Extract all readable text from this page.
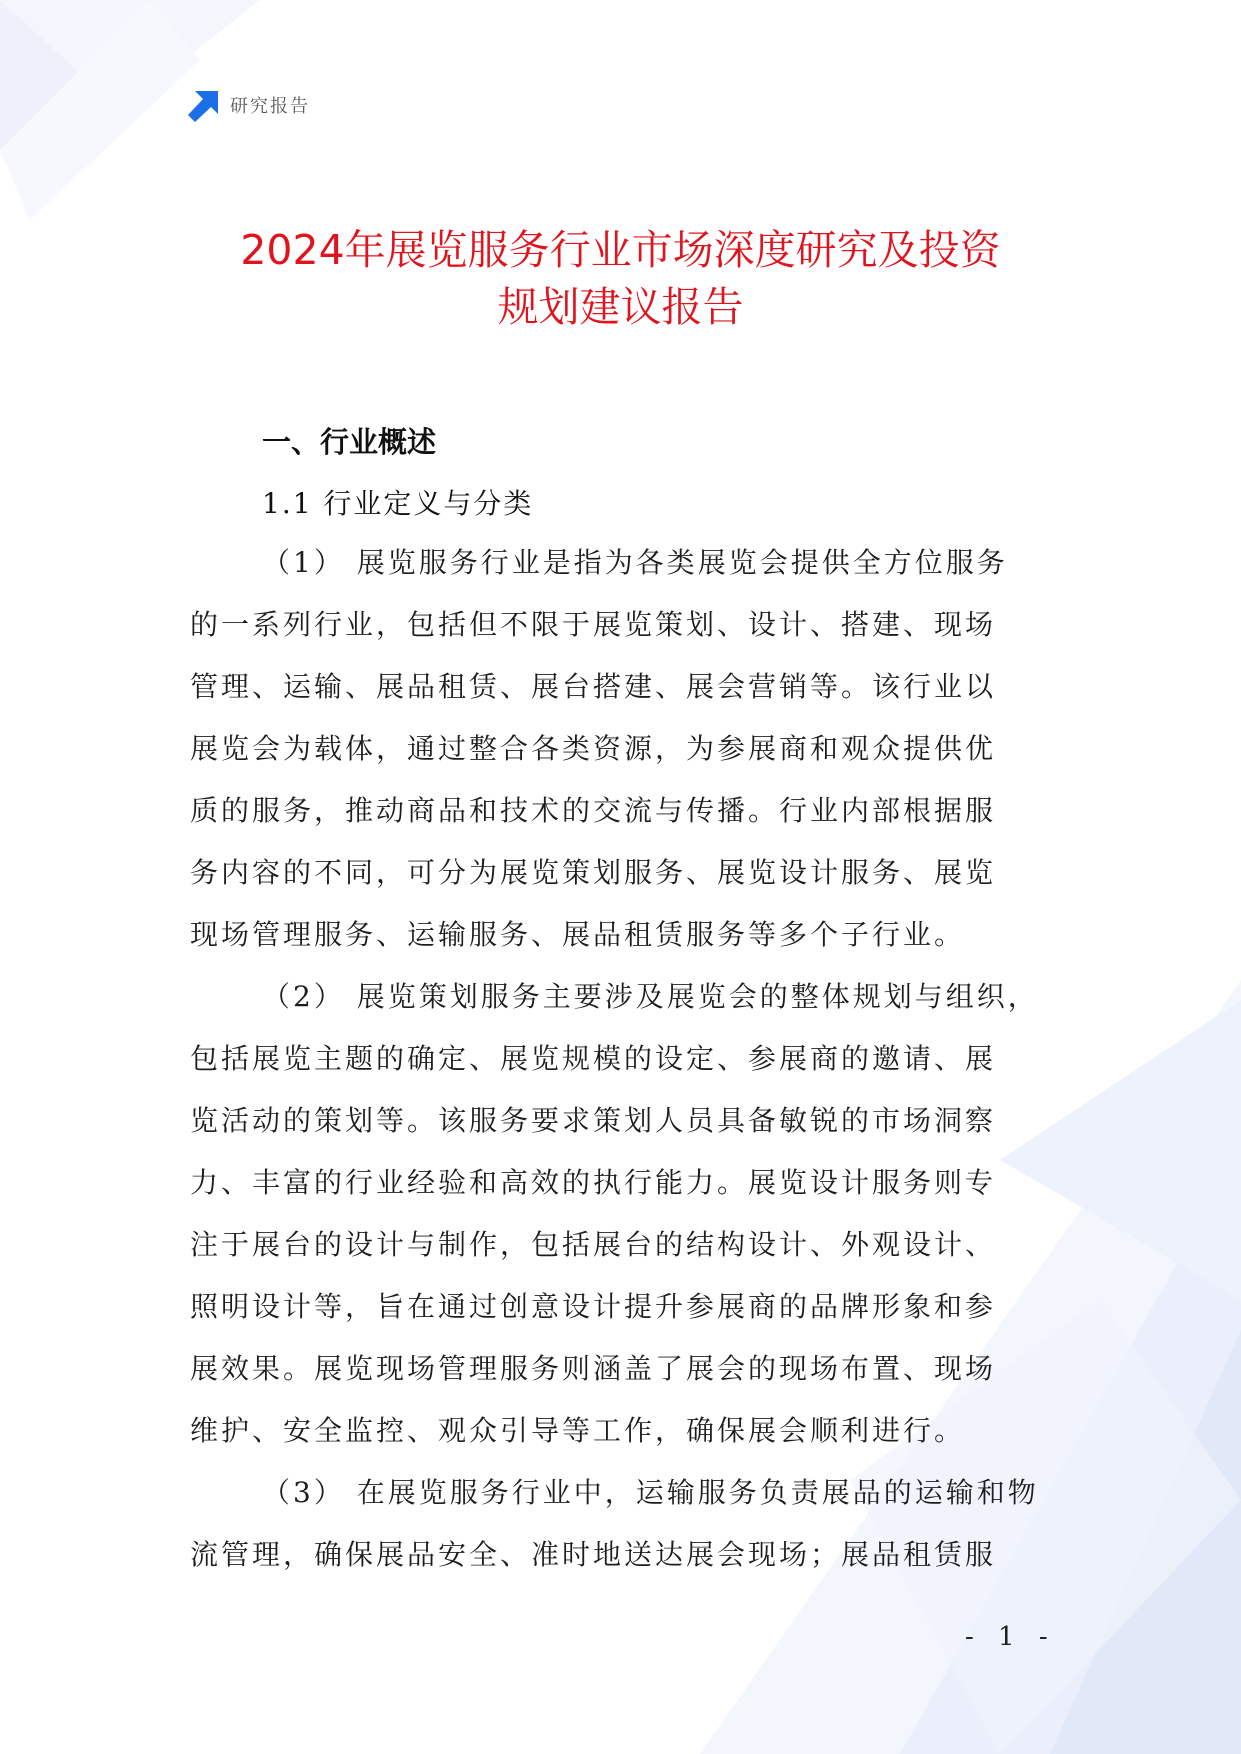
研究报告
2024年展览服务行业市场深度研究及投资
规划建议报告
一、行业概述
1.1 行业定义与分类

（1） 展览服务行业是指为各类展览会提供全方位服务
的一系列行业，包括但不限于展览策划、设计、搭建、现场
管理、运输、展品租赁、展台搭建、展会营销等。该行业以
展览会为载体，通过整合各类资源，为参展商和观众提供优
质的服务，推动商品和技术的交流与传播。行业内部根据服
务内容的不同，可分为展览策划服务、展览设计服务、展览
现场管理服务、运输服务、展品租赁服务等多个子行业。

（2） 展览策划服务主要涉及展览会的整体规划与组织，
包括展览主题的确定、展览规模的设定、参展商的邀请、展
览活动的策划等。该服务要求策划人员具备敏锐的市场洞察
力、丰富的行业经验和高效的执行能力。展览设计服务则专
注于展台的设计与制作，包括展台的结构设计、外观设计、
照明设计等，旨在通过创意设计提升参展商的品牌形象和参
展效果。展览现场管理服务则涵盖了展会的现场布置、现场
维护、安全监控、观众引导等工作，确保展会顺利进行。

（3） 在展览服务行业中，运输服务负责展品的运输和物
流管理，确保展品安全、准时地送达展会现场；展品租赁服

- 1 -
